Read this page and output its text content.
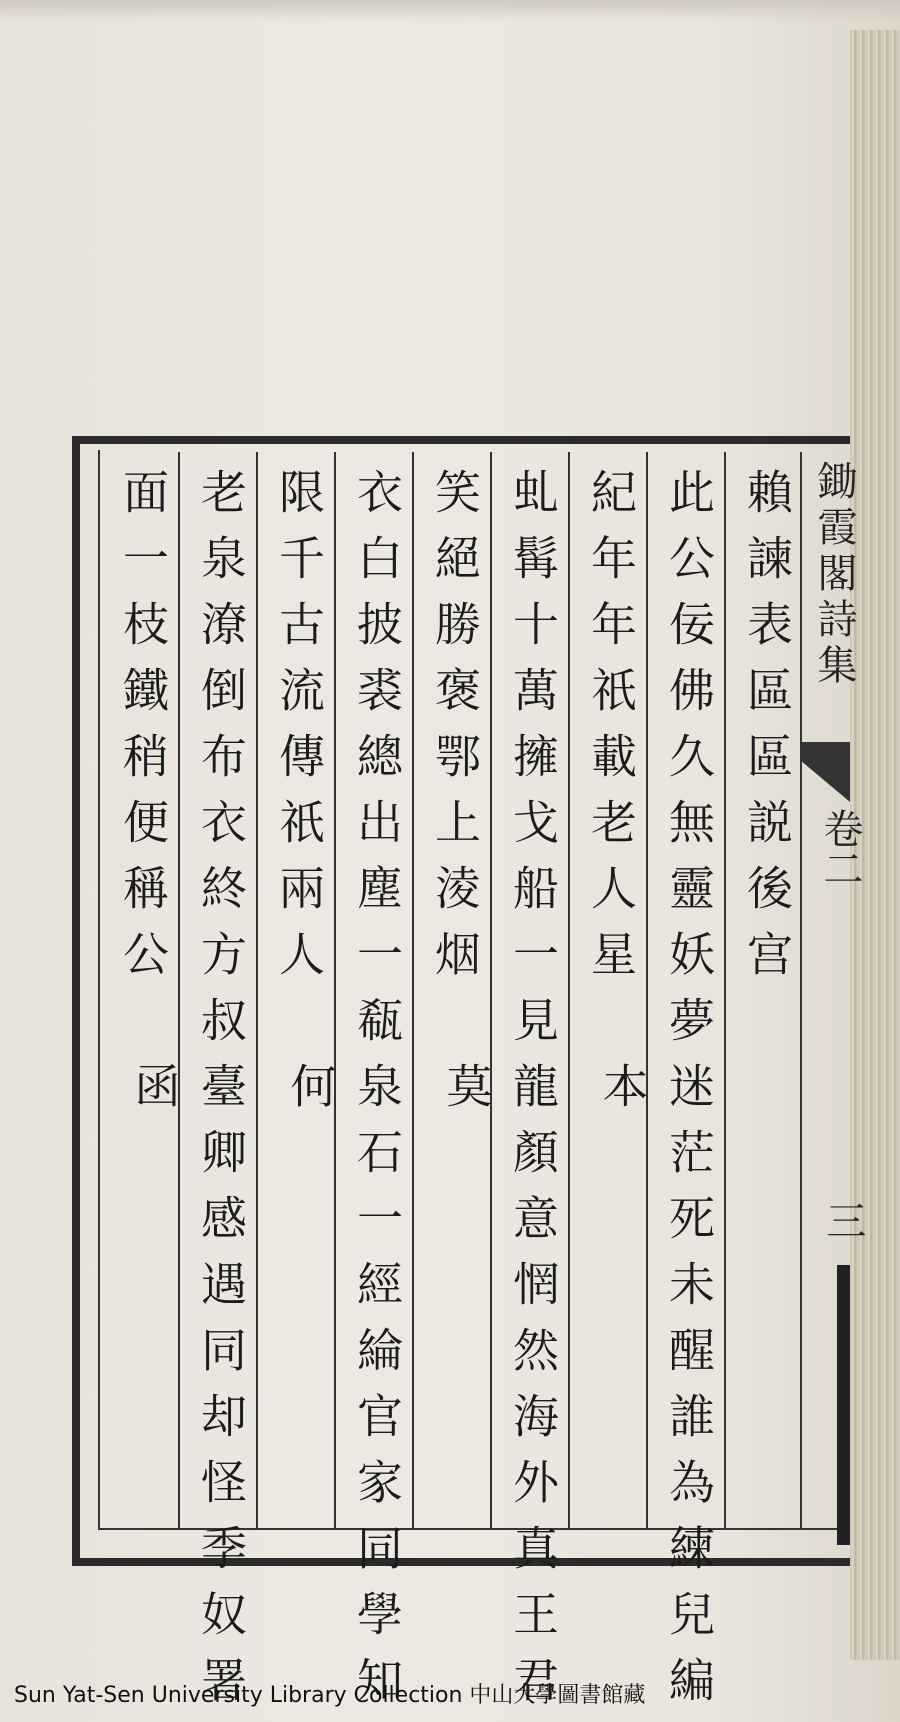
賴諫表區區説後宫
此公佞佛久無靈妖夢迷茫死未醒誰為練兒編本
紀年年祇載老人星
虬髯十萬擁戈船一見龍顏意惘然海外真王君莫
笑絕勝褒鄂上淩烟
衣白披裘總出塵一瓻泉石一經綸官家同學知何
限千古流傳祇兩人
老泉潦倒布衣終方叔臺卿感遇同却怪季奴署函
面一枝鐵稍便稱公	鋤霞閣詩集
卷二
三
Sun Yat-Sen University Library Collection 中山大學圖書館藏
